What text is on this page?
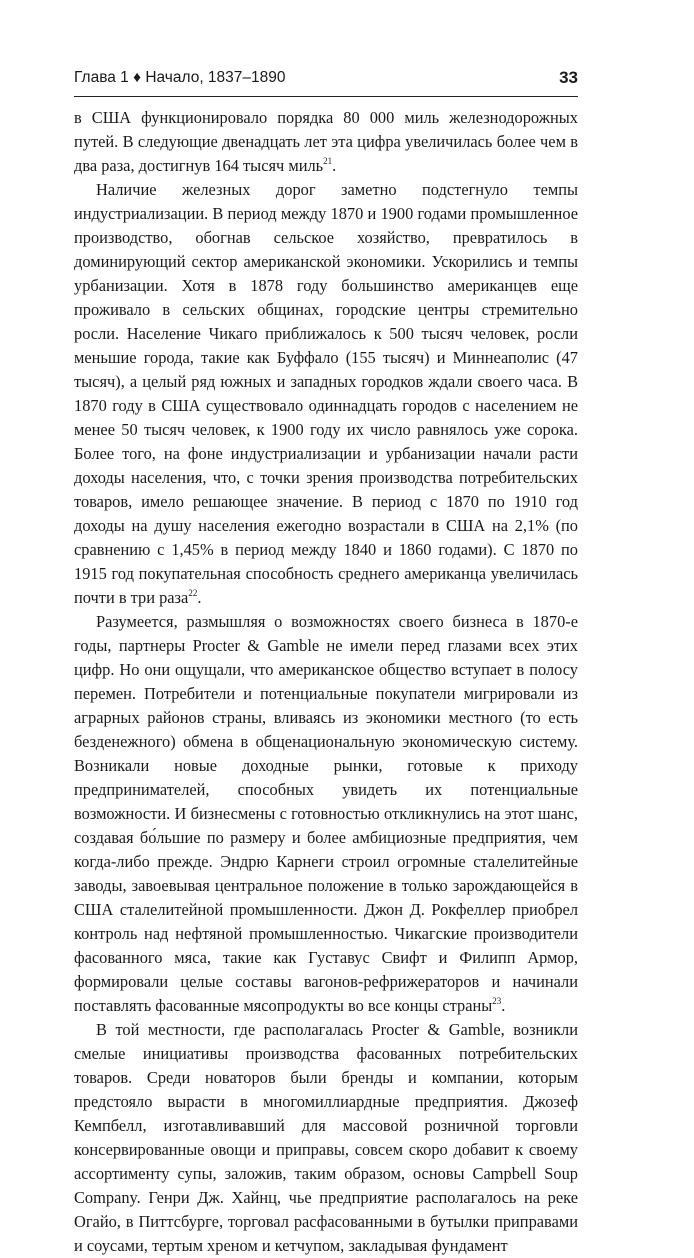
Глава 1 ♦ Начало, 1837–1890	33

в США функционировало порядка 80 000 миль железнодорожных путей. В следующие двенадцать лет эта цифра увеличилась более чем в два раза, достигнув 164 тысяч миль$^{21}$.

Наличие железных дорог заметно подстегнуло темпы индустриализации. В период между 1870 и 1900 годами промышленное производство, обогнав сельское хозяйство, превратилось в доминирующий сектор американской экономики. Ускорились и темпы урбанизации. Хотя в 1878 году большинство американцев еще проживало в сельских общинах, городские центры стремительно росли. Население Чикаго приближалось к 500 тысяч человек, росли меньшие города, такие как Буффало (155 тысяч) и Миннеаполис (47 тысяч), а целый ряд южных и западных городков ждали своего часа. В 1870 году в США существовало одиннадцать городов с населением не менее 50 тысяч человек, к 1900 году их число равнялось уже сорока. Более того, на фоне индустриализации и урбанизации начали расти доходы населения, что, с точки зрения производства потребительских товаров, имело решающее значение. В период с 1870 по 1910 год доходы на душу населения ежегодно возрастали в США на 2,1% (по сравнению с 1,45% в период между 1840 и 1860 годами). С 1870 по 1915 год покупательная способность среднего американца увеличилась почти в три раза$^{22}$.

Разумеется, размышляя о возможностях своего бизнеса в 1870-е годы, партнеры Procter & Gamble не имели перед глазами всех этих цифр. Но они ощущали, что американское общество вступает в полосу перемен. Потребители и потенциальные покупатели мигрировали из аграрных районов страны, вливаясь из экономики местного (то есть безденежного) обмена в общенациональную экономическую систему. Возникали новые доходные рынки, готовые к приходу предпринимателей, способных увидеть их потенциальные возможности. И бизнесмены с готовностью откликнулись на этот шанс, создавая бо́льшие по размеру и более амбициозные предприятия, чем когда-либо прежде. Эндрю Карнеги строил огромные сталелитейные заводы, завоевывая центральное положение в только зарождающейся в США сталелитейной промышленности. Джон Д. Рокфеллер приобрел контроль над нефтяной промышленностью. Чикагские производители фасованного мяса, такие как Густавус Свифт и Филипп Армор, формировали целые составы вагонов-рефрижераторов и начинали поставлять фасованные мясопродукты во все концы страны$^{23}$.

В той местности, где располагалась Procter & Gamble, возникли смелые инициативы производства фасованных потребительских товаров. Среди новаторов были бренды и компании, которым предстояло вырасти в многомиллиардные предприятия. Джозеф Кемпбелл, изготавливавший для массовой розничной торговли консервированные овощи и приправы, совсем скоро добавит к своему ассортименту супы, заложив, таким образом, основы Campbell Soup Company. Генри Дж. Хайнц, чье предприятие располагалось на реке Огайо, в Питтсбурге, торговал расфасованными в бутылки приправами и соусами, тертым хреном и кетчупом, закладывая фундамент
